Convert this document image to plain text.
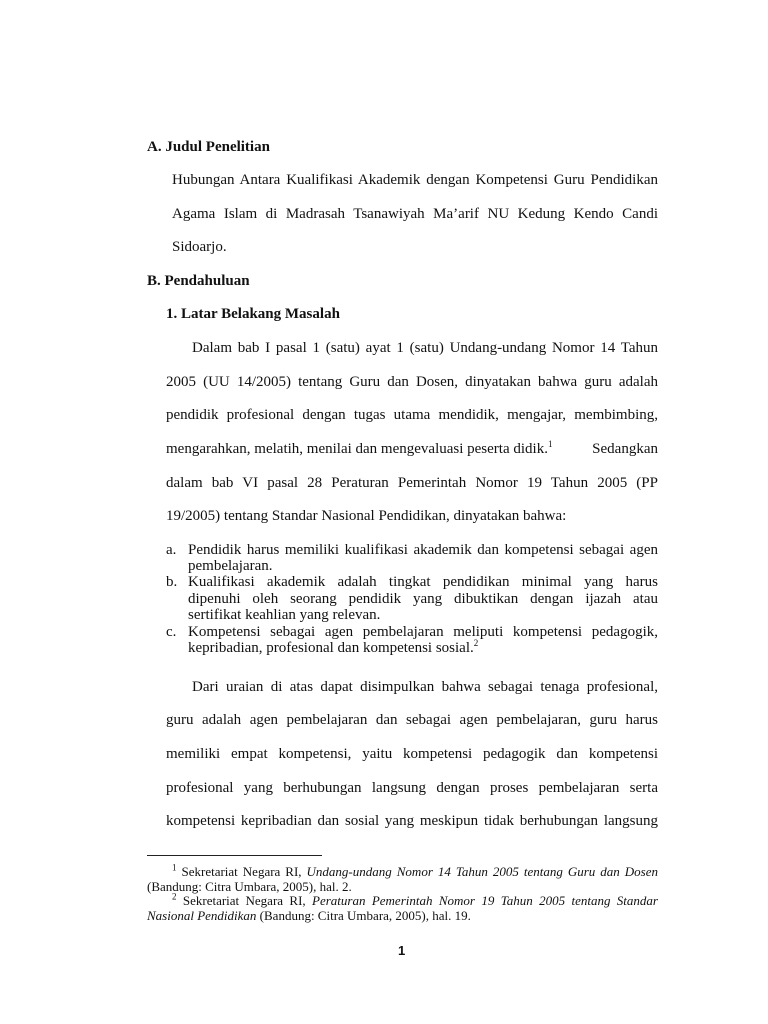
A. Judul Penelitian
Hubungan Antara Kualifikasi Akademik dengan Kompetensi Guru Pendidikan
Agama Islam di Madrasah Tsanawiyah Ma’arif NU Kedung Kendo Candi
Sidoarjo.
B. Pendahuluan
1. Latar Belakang Masalah
Dalam bab I pasal 1 (satu) ayat 1 (satu) Undang-undang Nomor 14 Tahun
2005 (UU 14/2005) tentang Guru dan Dosen, dinyatakan bahwa guru adalah
pendidik profesional dengan tugas utama mendidik, mengajar, membimbing,
mengarahkan, melatih, menilai dan mengevaluasi peserta didik.$^1$	Sedangkan
dalam bab VI pasal 28 Peraturan Pemerintah Nomor 19 Tahun 2005 (PP
19/2005) tentang Standar Nasional Pendidikan, dinyatakan bahwa:
a. Pendidik harus memiliki kualifikasi akademik dan kompetensi sebagai agen
pembelajaran.
b. Kualifikasi akademik adalah tingkat pendidikan minimal yang harus
dipenuhi oleh seorang pendidik yang dibuktikan dengan ijazah atau
sertifikat keahlian yang relevan.
c. Kompetensi sebagai agen pembelajaran meliputi kompetensi pedagogik,
kepribadian, profesional dan kompetensi sosial.$^2$
Dari uraian di atas dapat disimpulkan bahwa sebagai tenaga profesional,
guru adalah agen pembelajaran dan sebagai agen pembelajaran, guru harus
memiliki empat kompetensi, yaitu kompetensi pedagogik dan kompetensi
profesional yang berhubungan langsung dengan proses pembelajaran serta
kompetensi kepribadian dan sosial yang meskipun tidak berhubungan langsung
$^1$ Sekretariat Negara RI, Undang-undang Nomor 14 Tahun 2005 tentang Guru dan Dosen
(Bandung: Citra Umbara, 2005), hal. 2.
$^2$ Sekretariat Negara RI, Peraturan Pemerintah Nomor 19 Tahun 2005 tentang Standar
Nasional Pendidikan (Bandung: Citra Umbara, 2005), hal. 19.
1
